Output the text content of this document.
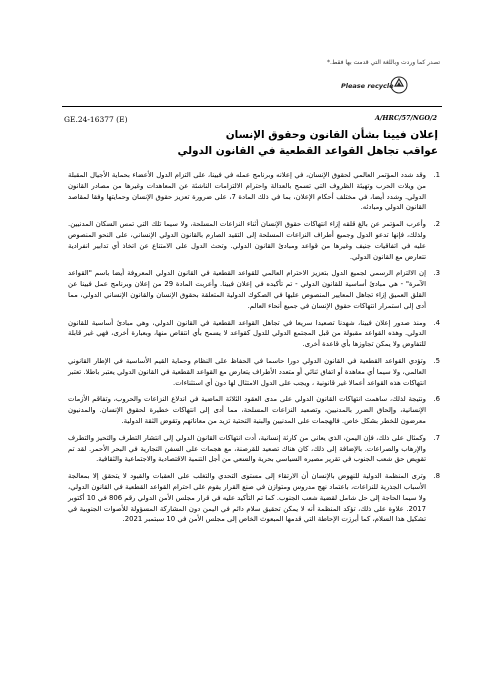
تصدر كما وردت وباللغة التي قدمت بها فقط.*
Please recycle
A/HRC/57/NGO/2
GE.24-16377 (E)
إعلان فيينا بشأن القانون وحقوق الإنسان
عواقب تجاهل القواعد القطعية في القانون الدولي
1.
وقد شدد المؤتمر العالمي لحقوق الإنسان، في إعلانه وبرنامج عمله في فيينا، على التزام الدول الأعضاء بحماية الأجيال المقبلة من ويلات الحرب وتهيئة الظروف التي تسمح بالعدالة واحترام الالتزامات الناشئة عن المعاهدات وغيرها من مصادر القانون الدولي. وشدد أيضا، في مختلف أحكام الإعلان، بما في ذلك المادة 7، على ضرورة تعزيز حقوق الإنسان وحمايتها وفقا لمقاصد القانون الدولي ومبادئه.
2.
وأعرب المؤتمر عن بالغ قلقه إزاء انتهاكات حقوق الإنسان أثناء النزاعات المسلحة، ولا سيما تلك التي تمس السكان المدنيين. ولذلك، فإنها تدعو الدول وجميع أطراف النزاعات المسلحة إلى التقيد الصارم بالقانون الدولي الإنساني، على النحو المنصوص عليه في اتفاقيات جنيف وغيرها من قواعد ومبادئ القانون الدولي. وتحث الدول على الامتناع عن اتخاذ أي تدابير انفرادية تتعارض مع القانون الدولي.
3.
إن الالتزام الرسمي لجميع الدول بتعزيز الاحترام العالمي للقواعد القطعية في القانون الدولي المعروفة أيضا باسم "القواعد الآمرة" - هي مبادئ أساسية للقانون الدولي - تم تأكيده في إعلان فيينا. وأعربت المادة 29 من إعلان وبرنامج عمل فيينا عن القلق العميق إزاء تجاهل المعايير المنصوص عليها في الصكوك الدولية المتعلقة بحقوق الإنسان والقانون الإنساني الدولي، مما أدى إلى استمرار انتهاكات حقوق الإنسان في جميع أنحاء العالم.
4.
ومنذ صدور إعلان فيينا، شهدنا تصعيدا سريعا في تجاهل القواعد القطعية في القانون الدولي، وهي مبادئ أساسية للقانون الدولي. وهذه القواعد مقبولة من قبل المجتمع الدولي للدول كقواعد لا يسمح بأي انتقاص منها، وبعبارة أخرى، فهي غير قابلة للتفاوض ولا يمكن تجاوزها بأي قاعدة أخرى.
5.
وتؤدي القواعد القطعية في القانون الدولي دورا حاسما في الحفاظ على النظام وحماية القيم الأساسية في الإطار القانوني العالمي، ولا سيما أي معاهدة أو اتفاق ثنائي أو متعدد الأطراف يتعارض مع القواعد القطعية في القانون الدولي يعتبر باطلا. تعتبر انتهاكات هذه القواعد أعمالا غير قانونية ، ويجب على الدول الامتثال لها دون أي استثناءات.
6.
ونتيجة لذلك، ساهمت انتهاكات القانون الدولي على مدى العقود الثلاثة الماضية في اندلاع النزاعات والحروب، وتفاقم الأزمات الإنسانية، وإلحاق الضرر بالمدنيين، وتصعيد النزاعات المسلحة، مما أدى إلى انتهاكات خطيرة لحقوق الإنسان. والمدنيون معرضون للخطر بشكل خاص. فالهجمات على المدنيين والبنية التحتية تزيد من معاناتهم وتقوض الثقة الدولية.
7.
وكمثال على ذلك، فإن اليمن، الذي يعاني من كارثة إنسانية، أدت انتهاكات القانون الدولي إلى انتشار التطرف والتحيز والتطرف والإرهاب والصراعات. بالإضافة إلى ذلك، كان هناك تصعيد للقرصنة، مع هجمات على السفن التجارية في البحر الأحمر. لقد تم تقويض حق شعب الجنوب في تقرير مصيره السياسي بحرية والسعي من أجل التنمية الاقتصادية والاجتماعية والثقافية.
8.
وترى المنظمة الدولية للنهوض بالإنسان أن الارتقاء إلى مستوى التحدي والتغلب على العقبات والقيود لا يتحقق إلا بمعالجة الأسباب الجذرية للنزاعات، باعتماد نهج مدروس ومتوازن في صنع القرار يقوم على احترام القواعد القطعية في القانون الدولي، ولا سيما الحاجة إلى حل شامل لقضية شعب الجنوب. كما تم التأكيد عليه في قرار مجلس الأمن الدولي رقم 806 في 10 أكتوبر 2017. علاوة على ذلك، تؤكد المنظمة أنه لا يمكن تحقيق سلام دائم في اليمن دون المشاركة المسؤولة للأصوات الجنوبية في تشكيل هذا السلام، كما أبرزت الإحاطة التي قدمها المبعوث الخاص إلى مجلس الأمن في 10 سبتمبر 2021.
